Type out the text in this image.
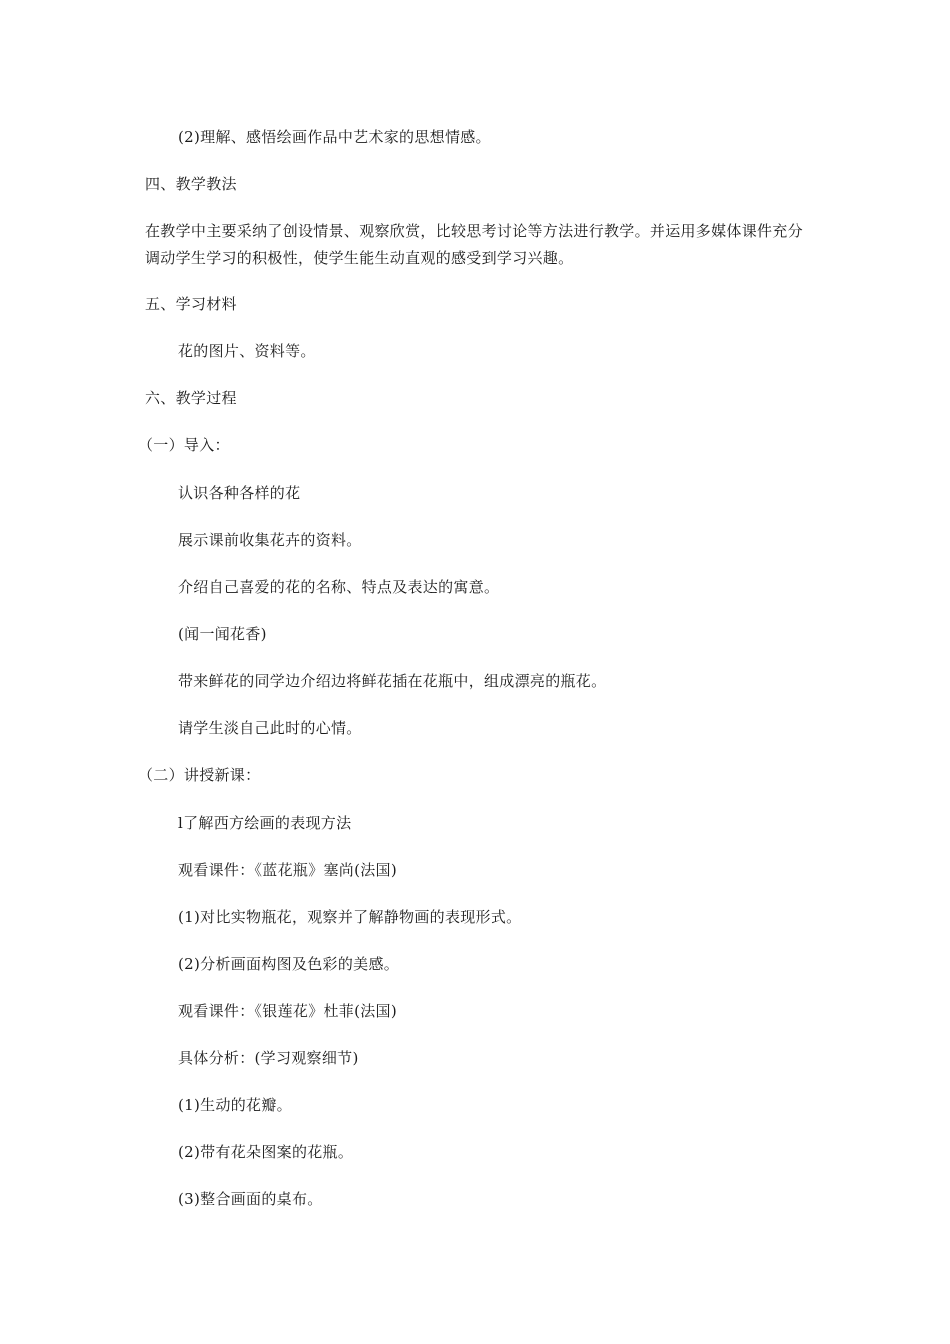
(2)理解、感悟绘画作品中艺术家的思想情感。
四、教学教法
在教学中主要采纳了创设情景、观察欣赏，比较思考讨论等方法进行教学。并运用多媒体课件充分调动学生学习的积极性，使学生能生动直观的感受到学习兴趣。
五、学习材料
花的图片、资料等。
六、教学过程
（一）导入：
认识各种各样的花
展示课前收集花卉的资料。
介绍自己喜爱的花的名称、特点及表达的寓意。
(闻一闻花香)
带来鲜花的同学边介绍边将鲜花插在花瓶中，组成漂亮的瓶花。
请学生淡自己此时的心情。
（二）讲授新课：
l了解西方绘画的表现方法
观看课件：《蓝花瓶》塞尚(法国)
(1)对比实物瓶花，观察并了解静物画的表现形式。
(2)分析画面构图及色彩的美感。
观看课件：《银莲花》杜菲(法国)
具体分析：(学习观察细节)
(1)生动的花瓣。
(2)带有花朵图案的花瓶。
(3)整合画面的桌布。
